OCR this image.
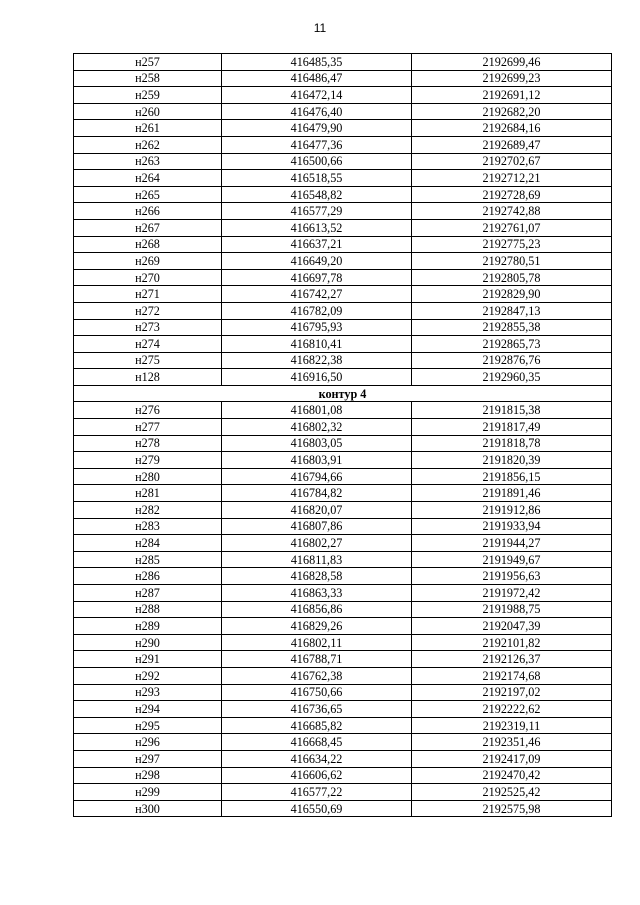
11
н257	416485,35	2192699,46
н258	416486,47	2192699,23
н259	416472,14	2192691,12
н260	416476,40	2192682,20
н261	416479,90	2192684,16
н262	416477,36	2192689,47
н263	416500,66	2192702,67
н264	416518,55	2192712,21
н265	416548,82	2192728,69
н266	416577,29	2192742,88
н267	416613,52	2192761,07
н268	416637,21	2192775,23
н269	416649,20	2192780,51
н270	416697,78	2192805,78
н271	416742,27	2192829,90
н272	416782,09	2192847,13
н273	416795,93	2192855,38
н274	416810,41	2192865,73
н275	416822,38	2192876,76
н128	416916,50	2192960,35
контур 4		
н276	416801,08	2191815,38
н277	416802,32	2191817,49
н278	416803,05	2191818,78
н279	416803,91	2191820,39
н280	416794,66	2191856,15
н281	416784,82	2191891,46
н282	416820,07	2191912,86
н283	416807,86	2191933,94
н284	416802,27	2191944,27
н285	416811,83	2191949,67
н286	416828,58	2191956,63
н287	416863,33	2191972,42
н288	416856,86	2191988,75
н289	416829,26	2192047,39
н290	416802,11	2192101,82
н291	416788,71	2192126,37
н292	416762,38	2192174,68
н293	416750,66	2192197,02
н294	416736,65	2192222,62
н295	416685,82	2192319,11
н296	416668,45	2192351,46
н297	416634,22	2192417,09
н298	416606,62	2192470,42
н299	416577,22	2192525,42
н300	416550,69	2192575,98
